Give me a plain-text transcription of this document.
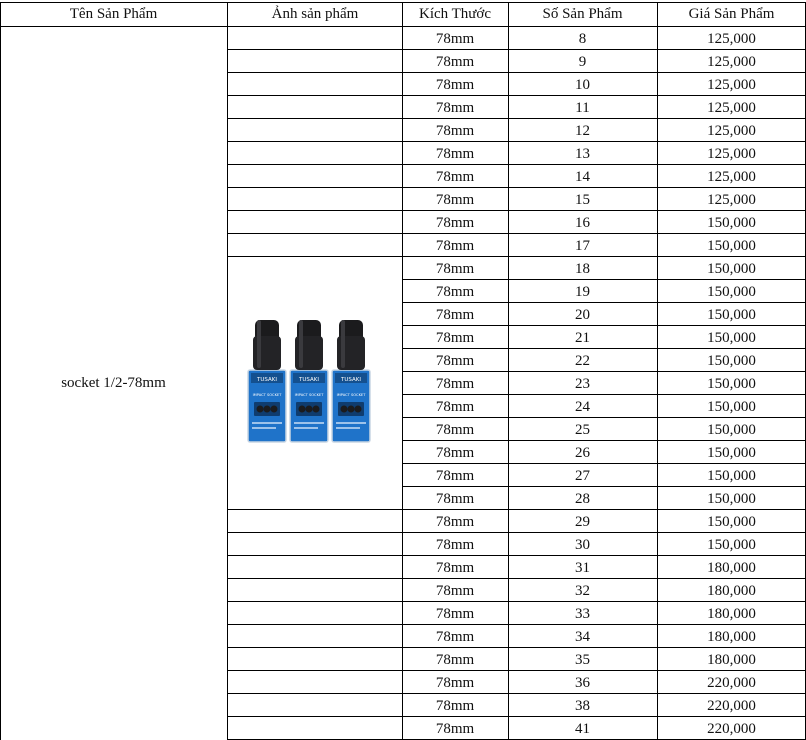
Tên Sản Phẩm	Ảnh sản phẩm	Kích Thước	Số Sản Phẩm	Giá Sản Phẩm
socket 1/2-78mm	TUSAKI
IMPACT SOCKET
TUSAKI
IMPACT SOCKET
TUSAKI
IMPACT SOCKET
78mm	8	125,000
78mm	9	125,000
78mm	10	125,000
78mm	11	125,000
78mm	12	125,000
78mm	13	125,000
78mm	14	125,000
78mm	15	125,000
78mm	16	150,000
78mm	17	150,000
78mm	18	150,000
78mm	19	150,000
78mm	20	150,000
78mm	21	150,000
78mm	22	150,000
78mm	23	150,000
78mm	24	150,000
78mm	25	150,000
78mm	26	150,000
78mm	27	150,000
78mm	28	150,000
78mm	29	150,000
78mm	30	150,000
78mm	31	180,000
78mm	32	180,000
78mm	33	180,000
78mm	34	180,000
78mm	35	180,000
78mm	36	220,000
78mm	38	220,000
78mm	41	220,000
